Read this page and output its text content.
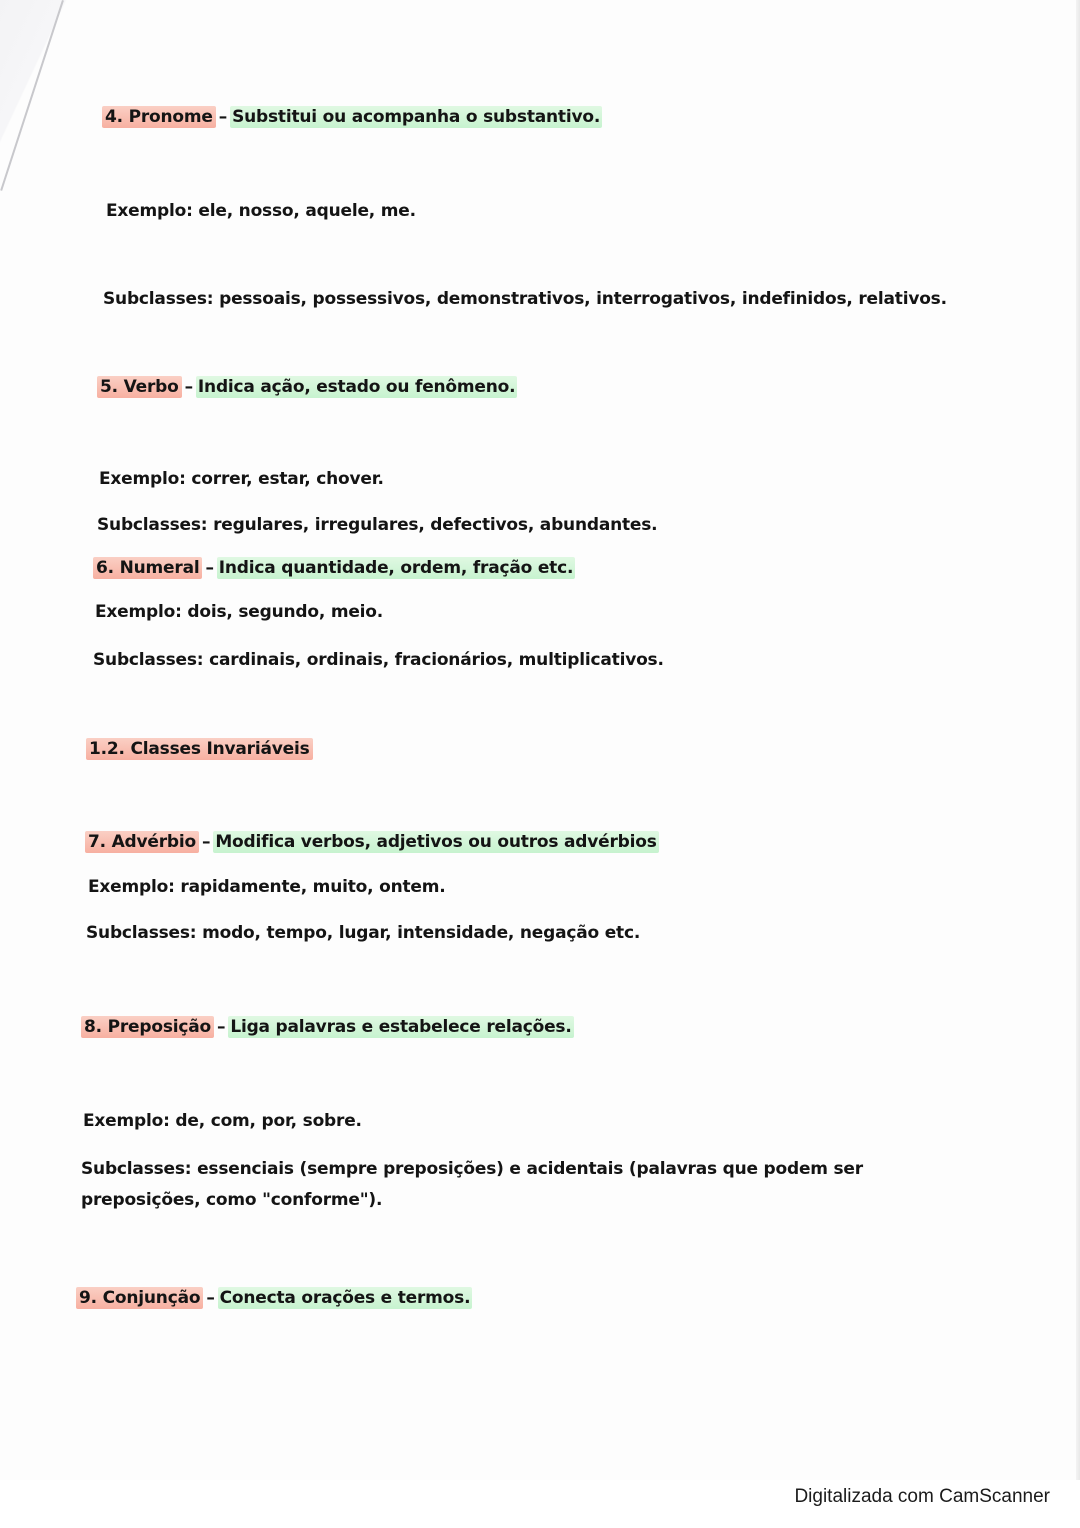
4. Pronome – Substitui ou acompanha o substantivo.
Exemplo: ele, nosso, aquele, me.
Subclasses: pessoais, possessivos, demonstrativos, interrogativos, indefinidos, relativos.
5. Verbo – Indica ação, estado ou fenômeno.
Exemplo: correr, estar, chover.
Subclasses: regulares, irregulares, defectivos, abundantes.
6. Numeral – Indica quantidade, ordem, fração etc.
Exemplo: dois, segundo, meio.
Subclasses: cardinais, ordinais, fracionários, multiplicativos.
1.2. Classes Invariáveis
7. Advérbio – Modifica verbos, adjetivos ou outros advérbios
Exemplo: rapidamente, muito, ontem.
Subclasses: modo, tempo, lugar, intensidade, negação etc.
8. Preposição – Liga palavras e estabelece relações.
Exemplo: de, com, por, sobre.
Subclasses: essenciais (sempre preposições) e acidentais (palavras que podem ser
preposições, como "conforme").
9. Conjunção – Conecta orações e termos.
Digitalizada com CamScanner
